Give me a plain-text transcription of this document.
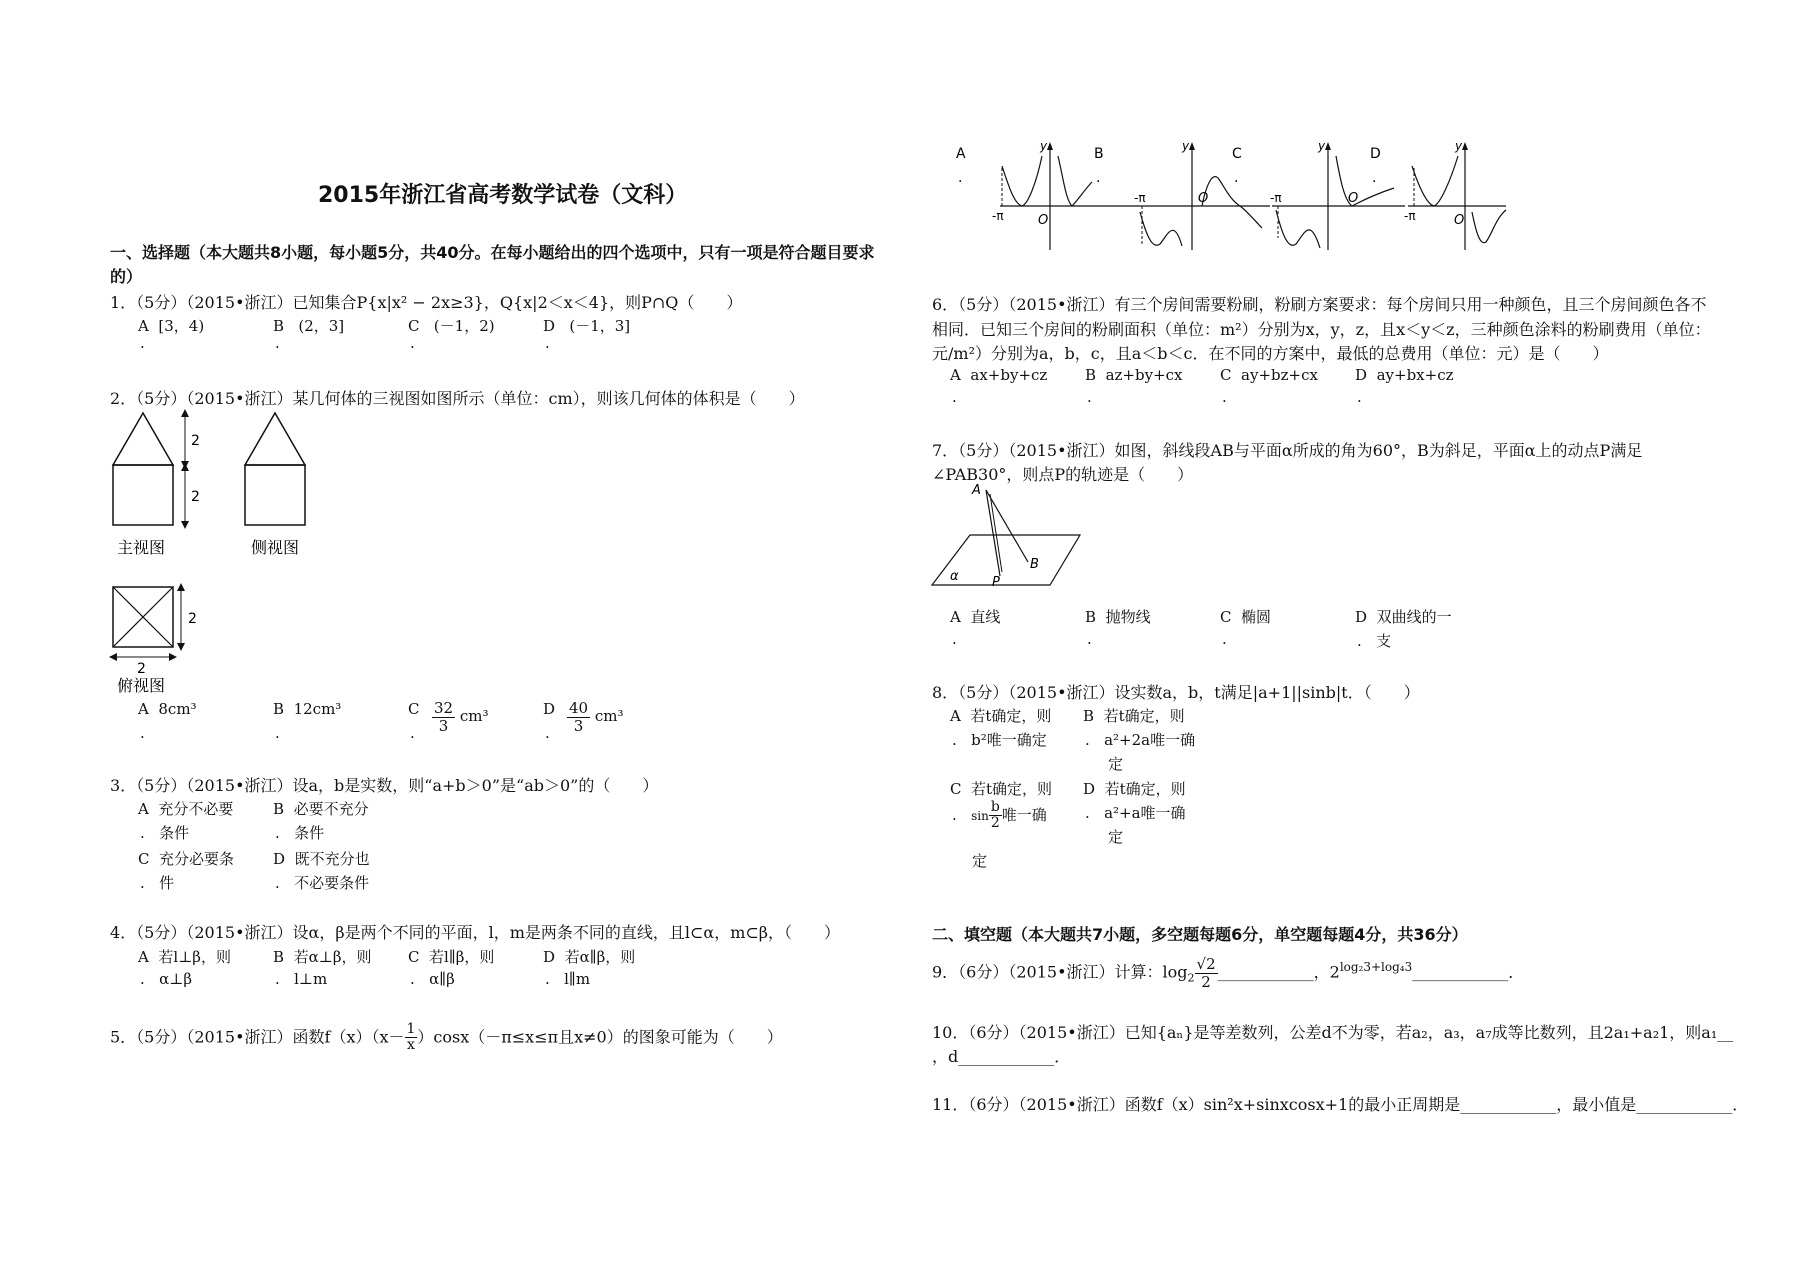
2015年浙江省高考数学试卷（文科）
一、选择题（本大题共8小题，每小题5分，共40分。在每小题给出的四个选项中，只有一项是符合题目要求
的）
1．（5分）（2015•浙江）已知集合P{x|x² − 2x≥3}，Q{x|2＜x＜4}，则P∩Q（　　）
A [3，4)	B (2，3]	C (－1，2)	D (－1，3]
.	.	.	.
2．（5分）（2015•浙江）某几何体的三视图如图所示（单位：cm），则该几何体的体积是（　　）
2
2
主视图	侧视图
2
2
俯视图
A 8cm³	B 12cm³	C $\frac{32}{3} cm^3$	D $\frac{40}{3} cm^3$
.	.	.	.
3．（5分）（2015•浙江）设a，b是实数，则“a+b＞0”是“ab＞0”的（　　）
A 充分不必要
. 条件
B 必要不充分
. 条件
C 充分必要条
. 件
D 既不充分也
. 不必要条件
4．（5分）（2015•浙江）设α，β是两个不同的平面，l，m是两条不同的直线，且l⊂α，m⊂β，（　　）
A 若l⊥β，则
. α⊥β
B 若α⊥β，则
. l⊥m
C 若l∥β，则
. α∥β
D 若α∥β，则
. l∥m
5．（5分）（2015•浙江）函数$f(x)(x- \frac{1}{x} )\cos x(-\pi\le x\le\pi$且x≠0）的图象可能为（　　）
A
.
y
O
-π
B
.
y
O
-π
C
.
y
O
-π
D
.
y
O
-π
6．（5分）（2015•浙江）有三个房间需要粉刷，粉刷方案要求：每个房间只用一种颜色，且三个房间颜色各不
相同．已知三个房间的粉刷面积（单位：m²）分别为x，y，z，且x＜y＜z，三种颜色涂料的粉刷费用（单位：
元/m²）分别为a，b，c，且a＜b＜c．在不同的方案中，最低的总费用（单位：元）是（　　）
A ax+by+cz	B az+by+cx	C ay+bz+cx D ay+bx+cz
.	.	.	.
7．（5分）（2015•浙江）如图，斜线段AB与平面α所成的角为60°，B为斜足，平面α上的动点P满足
∠PAB30°，则点P的轨迹是（　　）
A
B
P
α
A 直线	B 抛物线	C 椭圆	D 双曲线的一
.	.	.	. 支
8．（5分）（2015•浙江）设实数a，b，t满足|a+1||sinb|t．（　　）
A 若t确定，则
. b²唯一确定
B 若t确定，则
. a²+2a唯一确
定
C 若t确定，则
. $\sin \frac{b}{2}$ 唯一确
定
D 若t确定，则
. a²+a唯一确
定
二、填空题（本大题共7小题，多空题每题6分，单空题每题4分，共36分）
9．（6分）（2015•浙江）计算：$\log_2 \frac{√2}{2}$ ____________，$2^{log_23+log_43}\_\_\_\_\_\_\_\_\_\_\_\_$．
10．（6分）（2015•浙江）已知{aₙ}是等差数列，公差d不为零，若a₂，a₃，a₇成等比数列，且2a₁+a₂1，则a₁__
，d____________．
11．（6分）（2015•浙江）函数f（x）sin²x+sinxcosx+1的最小正周期是____________，最小值是____________．
